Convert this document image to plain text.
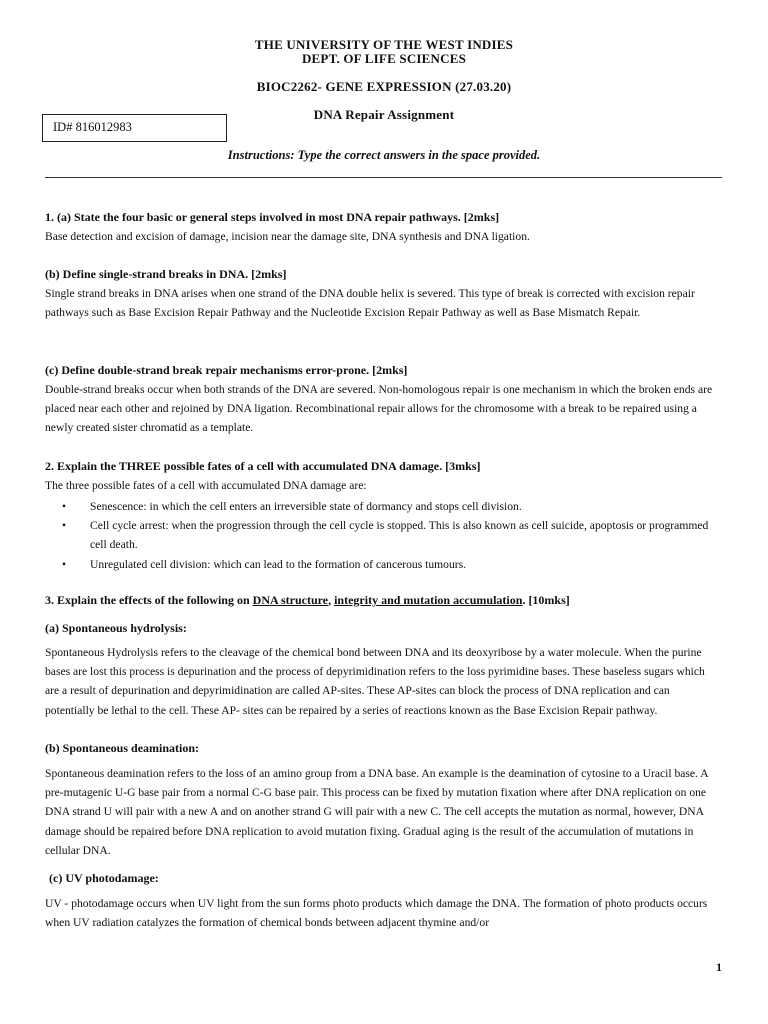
THE UNIVERSITY OF THE WEST INDIES
DEPT. OF LIFE SCIENCES
BIOC2262- GENE EXPRESSION (27.03.20)
DNA Repair Assignment
ID# 816012983
Instructions: Type the correct answers in the space provided.
1. (a) State the four basic or general steps involved in most DNA repair pathways. [2mks]
Base detection and excision of damage, incision near the damage site, DNA synthesis and DNA ligation.
(b) Define single-strand breaks in DNA. [2mks]
Single strand breaks in DNA arises when one strand of the DNA double helix is severed. This type of break is corrected with excision repair pathways such as Base Excision Repair Pathway and the Nucleotide Excision Repair Pathway as well as Base Mismatch Repair.
(c) Define double-strand break repair mechanisms error-prone. [2mks]
Double-strand breaks occur when both strands of the DNA are severed. Non-homologous repair is one mechanism in which the broken ends are placed near each other and rejoined by DNA ligation. Recombinational repair allows for the chromosome with a break to be repaired using a newly created sister chromatid as a template.
2. Explain the THREE possible fates of a cell with accumulated DNA damage. [3mks]
The three possible fates of a cell with accumulated DNA damage are:
• Senescence: in which the cell enters an irreversible state of dormancy and stops cell division.
• Cell cycle arrest: when the progression through the cell cycle is stopped. This is also known as cell suicide, apoptosis or programmed cell death.
• Unregulated cell division: which can lead to the formation of cancerous tumours.
3. Explain the effects of the following on DNA structure, integrity and mutation accumulation. [10mks]
(a) Spontaneous hydrolysis:
Spontaneous Hydrolysis refers to the cleavage of the chemical bond between DNA and its deoxyribose by a water molecule. When the purine bases are lost this process is depurination and the process of depyrimidination refers to the loss pyrimidine bases. These baseless sugars which are a result of depurination and depyrimidination are called AP-sites. These AP-sites can block the process of DNA replication and can potentially be lethal to the cell. These AP- sites can be repaired by a series of reactions known as the Base Excision Repair pathway.
(b) Spontaneous deamination:
Spontaneous deamination refers to the loss of an amino group from a DNA base. An example is the deamination of cytosine to a Uracil base. A pre-mutagenic U-G base pair from a normal C-G base pair. This process can be fixed by mutation fixation where after DNA replication on one DNA strand U will pair with a new A and on another strand G will pair with a new C. The cell accepts the mutation as normal, however, DNA damage should be repaired before DNA replication to avoid mutation fixing. Gradual aging is the result of the accumulation of mutations in cellular DNA.
(c) UV photodamage:
UV - photodamage occurs when UV light from the sun forms photo products which damage the DNA. The formation of photo products occurs when UV radiation catalyzes the formation of chemical bonds between adjacent thymine and/or
1
